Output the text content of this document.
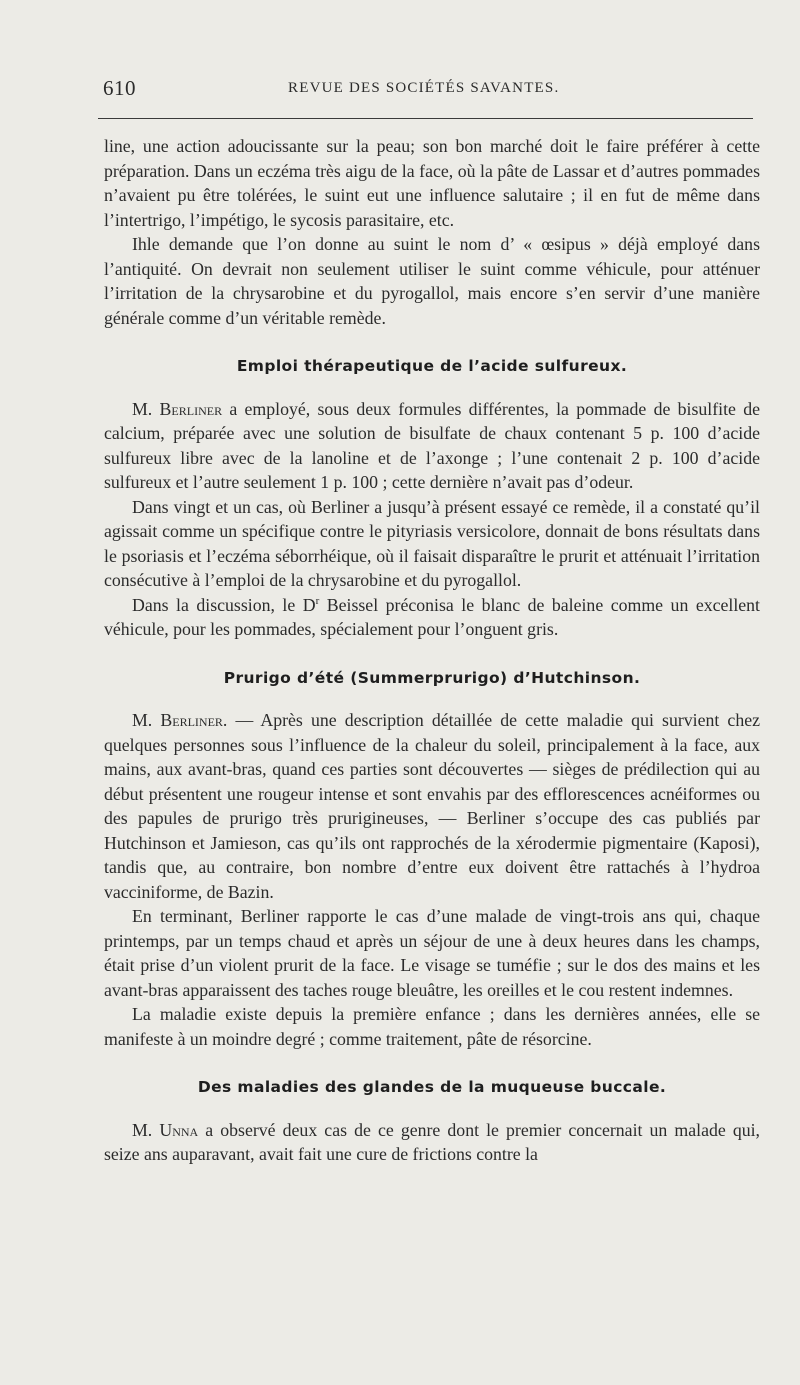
610	REVUE DES SOCIÉTÉS SAVANTES.

line, une action adoucissante sur la peau; son bon marché doit le faire préférer à cette préparation. Dans un eczéma très aigu de la face, où la pâte de Lassar et d’autres pommades n’avaient pu être tolérées, le suint eut une influence salutaire ; il en fut de même dans l’intertrigo, l’impétigo, le sycosis parasitaire, etc.

Ihle demande que l’on donne au suint le nom d’ « œsipus » déjà employé dans l’antiquité. On devrait non seulement utiliser le suint comme véhicule, pour atténuer l’irritation de la chrysarobine et du pyrogallol, mais encore s’en servir d’une manière générale comme d’un véritable remède.

Emploi thérapeutique de l’acide sulfureux.

M. Berliner a employé, sous deux formules différentes, la pommade de bisulfite de calcium, préparée avec une solution de bisulfate de chaux contenant 5 p. 100 d’acide sulfureux libre avec de la lanoline et de l’axonge ; l’une contenait 2 p. 100 d’acide sulfureux et l’autre seulement 1 p. 100 ; cette dernière n’avait pas d’odeur.

Dans vingt et un cas, où Berliner a jusqu’à présent essayé ce remède, il a constaté qu’il agissait comme un spécifique contre le pityriasis versicolore, donnait de bons résultats dans le psoriasis et l’eczéma séborrhéique, où il faisait disparaître le prurit et atténuait l’irritation consécutive à l’emploi de la chrysarobine et du pyrogallol.

Dans la discussion, le $D^r$ Beissel préconisa le blanc de baleine comme un excellent véhicule, pour les pommades, spécialement pour l’onguent gris.

Prurigo d’été (Summerprurigo) d’Hutchinson.

M. Berliner. — Après une description détaillée de cette maladie qui survient chez quelques personnes sous l’influence de la chaleur du soleil, principalement à la face, aux mains, aux avant-bras, quand ces parties sont découvertes — sièges de prédilection qui au début présentent une rougeur intense et sont envahis par des efflorescences acnéiformes ou des papules de prurigo très prurigineuses, — Berliner s’occupe des cas publiés par Hutchinson et Jamieson, cas qu’ils ont rapprochés de la xérodermie pigmentaire (Kaposi), tandis que, au contraire, bon nombre d’entre eux doivent être rattachés à l’hydroa vacciniforme, de Bazin.

En terminant, Berliner rapporte le cas d’une malade de vingt-trois ans qui, chaque printemps, par un temps chaud et après un séjour de une à deux heures dans les champs, était prise d’un violent prurit de la face. Le visage se tuméfie ; sur le dos des mains et les avant-bras apparaissent des taches rouge bleuâtre, les oreilles et le cou restent indemnes.

La maladie existe depuis la première enfance ; dans les dernières années, elle se manifeste à un moindre degré ; comme traitement, pâte de résorcine.

Des maladies des glandes de la muqueuse buccale.

M. Unna a observé deux cas de ce genre dont le premier concernait un malade qui, seize ans auparavant, avait fait une cure de frictions contre la
